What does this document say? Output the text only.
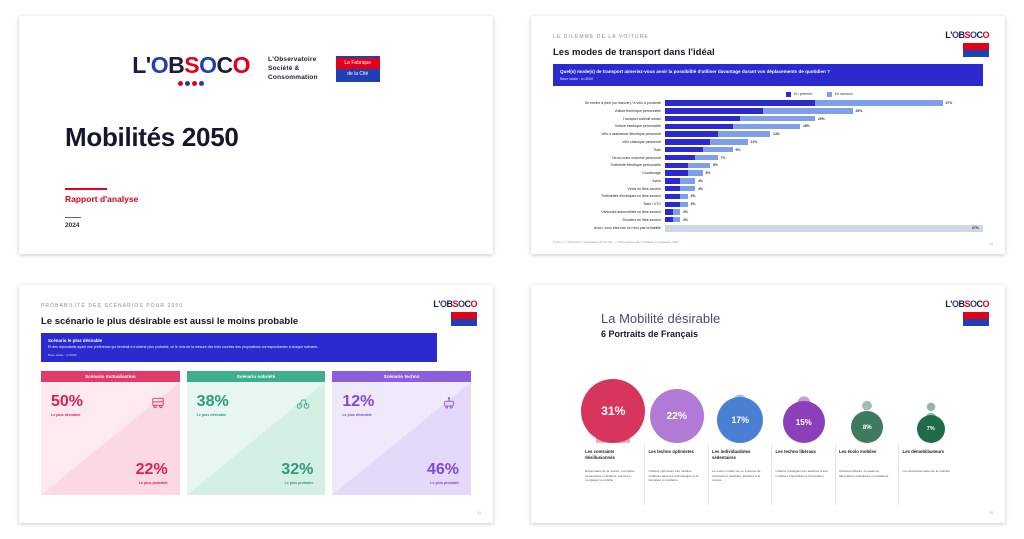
L'OBSOCO	L'Observatoire
Société &
Consommation
La Fabrique
de la Cité
Mobilités 2050
Rapport d'analyse
2024
LE DILEMME DE LA VOITURE
Les modes de transport dans l'idéal
L'OBSOCO
Quel(s) mode(s) de transport aimeriez-vous avoir la possibilité d'utiliser davantage durant vos déplacements de quotidien ?
Base totale : n=4000
En premier	En second
Se rendre à pied (ou marche) / à vélo à proximité	37%
Voiture thermique personnelle	25%
Transport collectif urbain	20%
Voiture électrique personnelle	18%
Vélo à assistance électrique personnel	14%
Vélo classique personnel	11%
Train	9%
Deux-roues motorisé personnel	7%
Trottinette électrique personnelle	6%
Covoiturage	5%
Avion	4%
Vélos en libre-service	4%
Trottinettes électriques en libre-service	3%
Taxis / VTC	3%
Véhicules automobiles en libre-service	2%
Scooters en libre-service	2%
Avion, vous êtes loin ce n'est pas la fiabilité	37%
Source : L'ObSoCo / La Fabrique de la Cité — Observatoire des mobilités émergentes 2024	12
PROBABILITÉ DES SCÉNARIOS POUR 2050
Le scénario le plus désirable est aussi le moins probable
L'OBSOCO
Scénario le plus désirable
Et des répondants ayant une préférence qui tiendrait à s'obtenir plus probable, ce le trois de la mesure des trois courbes des propositions correspondantes à chaque scénario.
Base totale : n=4000
Scénario mutualisation
50%
Le plus désirable
22%
Le plus probable
Scénario sobriété
38%
Le plus désirable
32%
Le plus probable
Scénario techno
12%
Le plus désirable
46%
Le plus probable
31
La Mobilité désirable
6 Portraits de Français
L'OBSOCO
31%
Les contraints désillusionnés
Dépendants de la voiture, contraints, pessimistes et défiants, peinent à s'engager la mobilité
22%
Les techno optimistes
Urbains optimistes très mobiles confiants dans les technologies et la transition et confiants
17%
Les individualistes sédentaires
Le moins mobile sur ce système de proximité et satisfaits, attachés à la voiture
15%
Les techno libéraux
Urbains privilégiés très attachés à leur mobilité et favorables à l'innovation
8%
Les écolo mobiles
Climato-militants, convaincus, alternatives pratiquées et existantes
7%
Les démobilisateurs
Les démissionnaires de la mobilité
38
